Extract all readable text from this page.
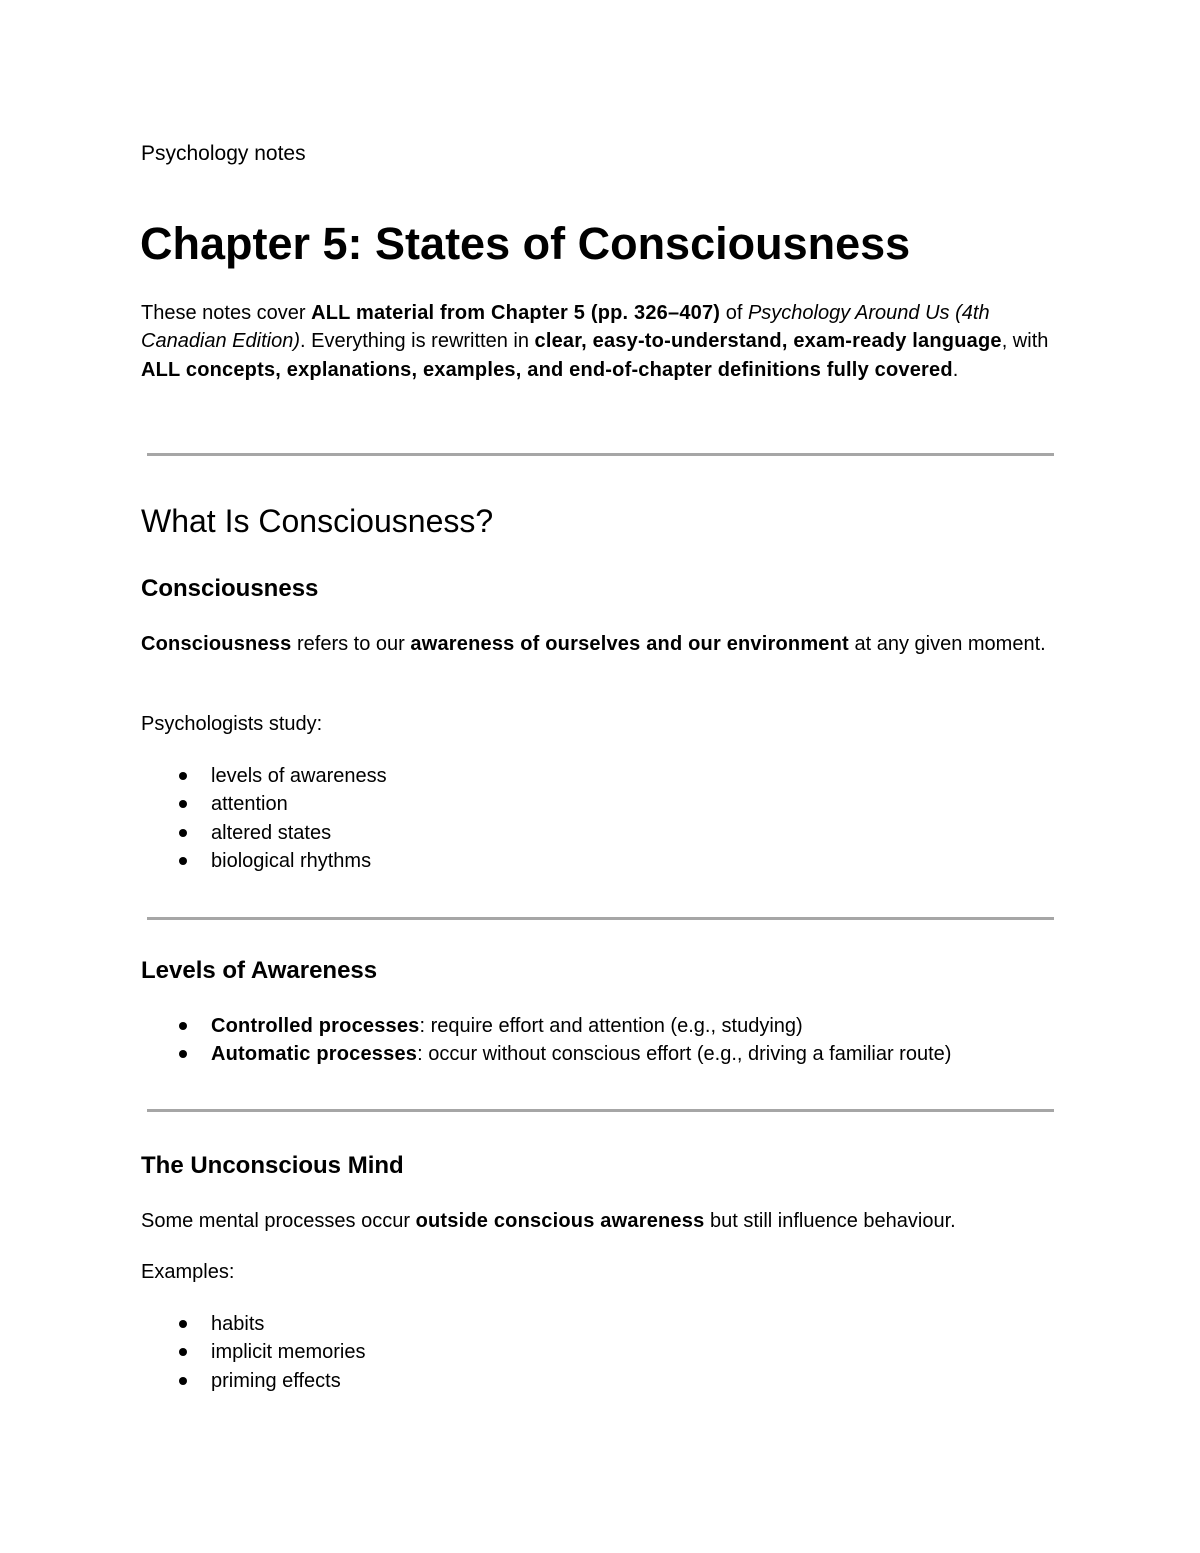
Psychology notes
Chapter 5: States of Consciousness
These notes cover ALL material from Chapter 5 (pp. 326–407) of Psychology Around Us (4th Canadian Edition). Everything is rewritten in clear, easy-to-understand, exam-ready language, with ALL concepts, explanations, examples, and end-of-chapter definitions fully covered.
What Is Consciousness?
Consciousness
Consciousness refers to our awareness of ourselves and our environment at any given moment.
Psychologists study:
levels of awareness
attention
altered states
biological rhythms
Levels of Awareness
Controlled processes: require effort and attention (e.g., studying)
Automatic processes: occur without conscious effort (e.g., driving a familiar route)
The Unconscious Mind
Some mental processes occur outside conscious awareness but still influence behaviour.
Examples:
habits
implicit memories
priming effects
